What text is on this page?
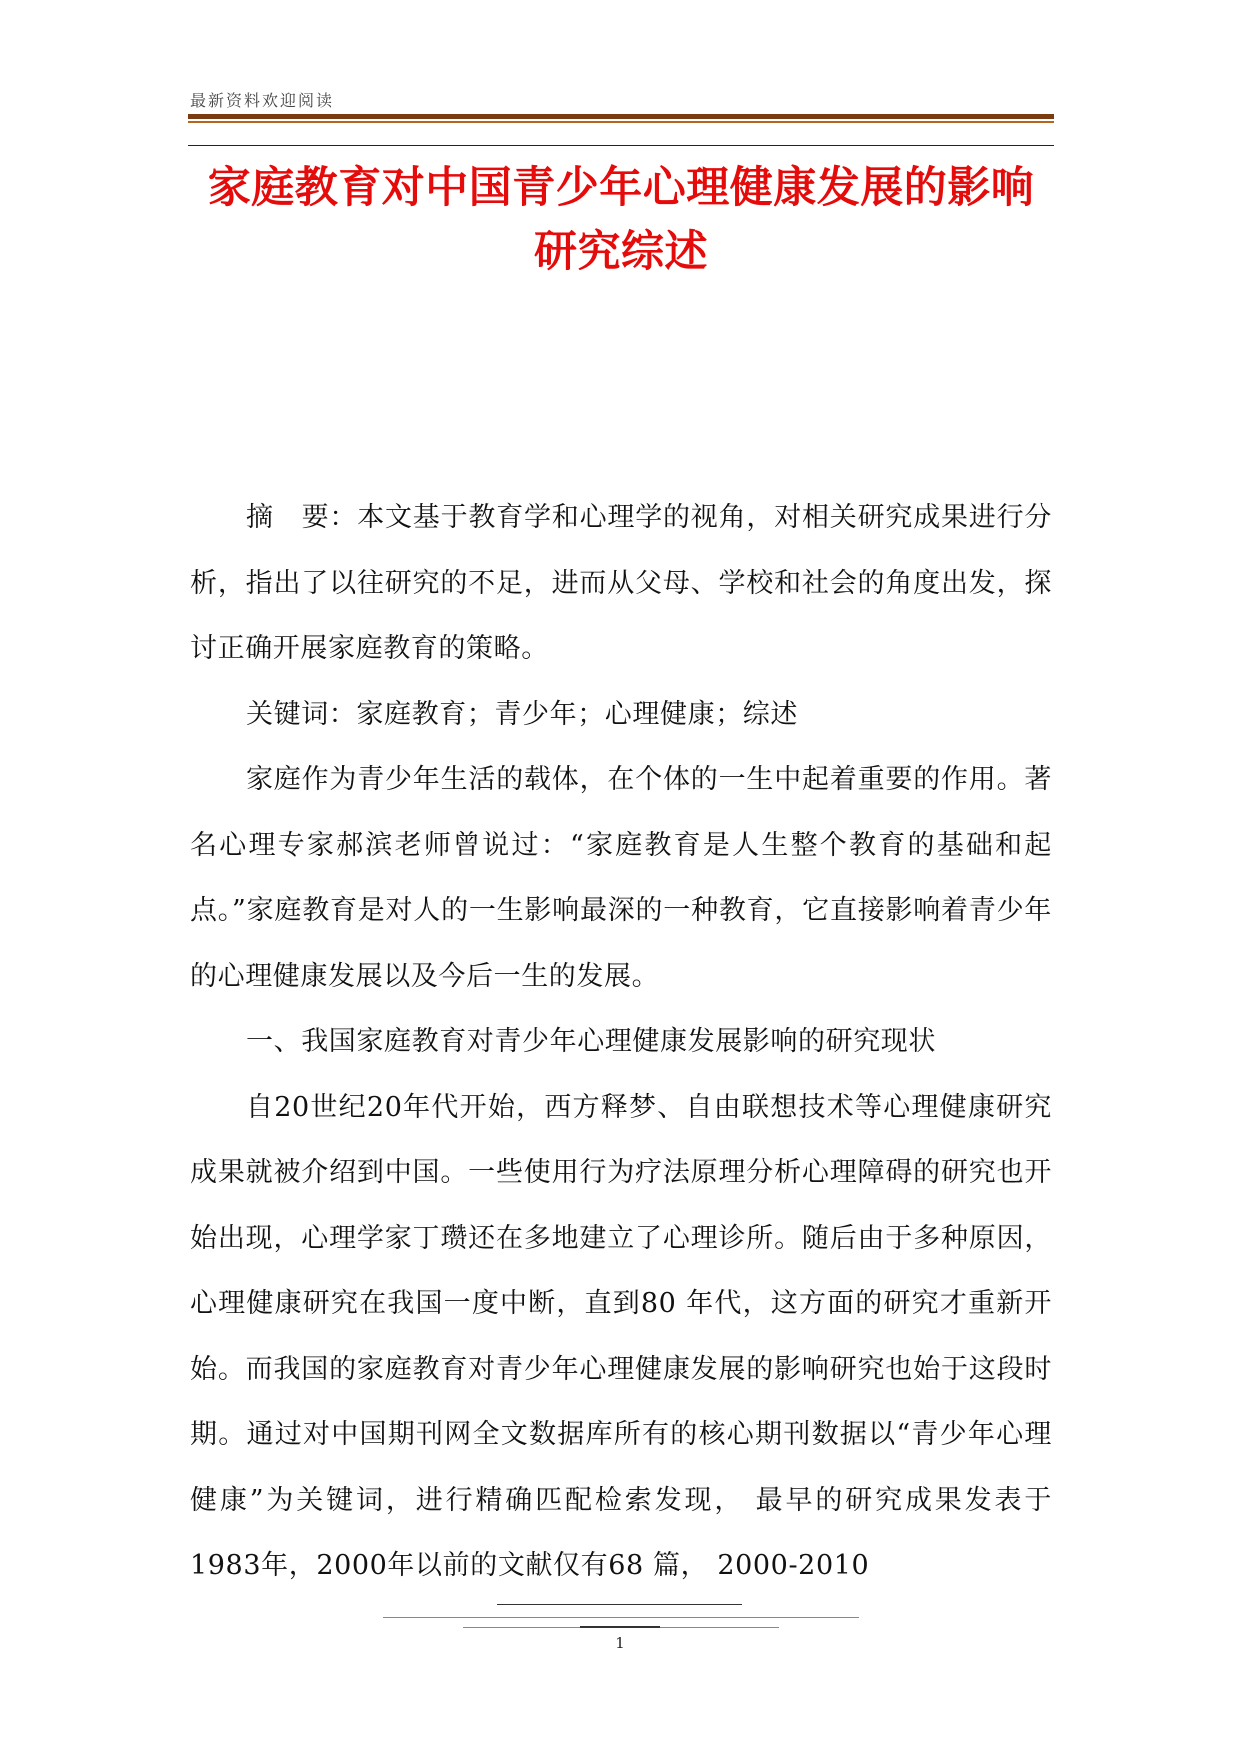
最新资料欢迎阅读
家庭教育对中国青少年心理健康发展的影响研究综述

摘　要：本文基于教育学和心理学的视角，对相关研究成果进行分析，指出了以往研究的不足，进而从父母、学校和社会的角度出发，探讨正确开展家庭教育的策略。

关键词：家庭教育；青少年；心理健康；综述

家庭作为青少年生活的载体，在个体的一生中起着重要的作用。著名心理专家郝滨老师曾说过：“家庭教育是人生整个教育的基础和起点。”家庭教育是对人的一生影响最深的一种教育，它直接影响着青少年的心理健康发展以及今后一生的发展。

一、我国家庭教育对青少年心理健康发展影响的研究现状

自20世纪20年代开始，西方释梦、自由联想技术等心理健康研究成果就被介绍到中国。一些使用行为疗法原理分析心理障碍的研究也开始出现，心理学家丁瓒还在多地建立了心理诊所。随后由于多种原因，心理健康研究在我国一度中断，直到80 年代，这方面的研究才重新开始。而我国的家庭教育对青少年心理健康发展的影响研究也始于这段时期。通过对中国期刊网全文数据库所有的核心期刊数据以“青少年心理健康”为关键词，进行精确匹配检索发现， 最早的研究成果发表于1983年，2000年以前的文献仅有68 篇， 2000-2010

1
